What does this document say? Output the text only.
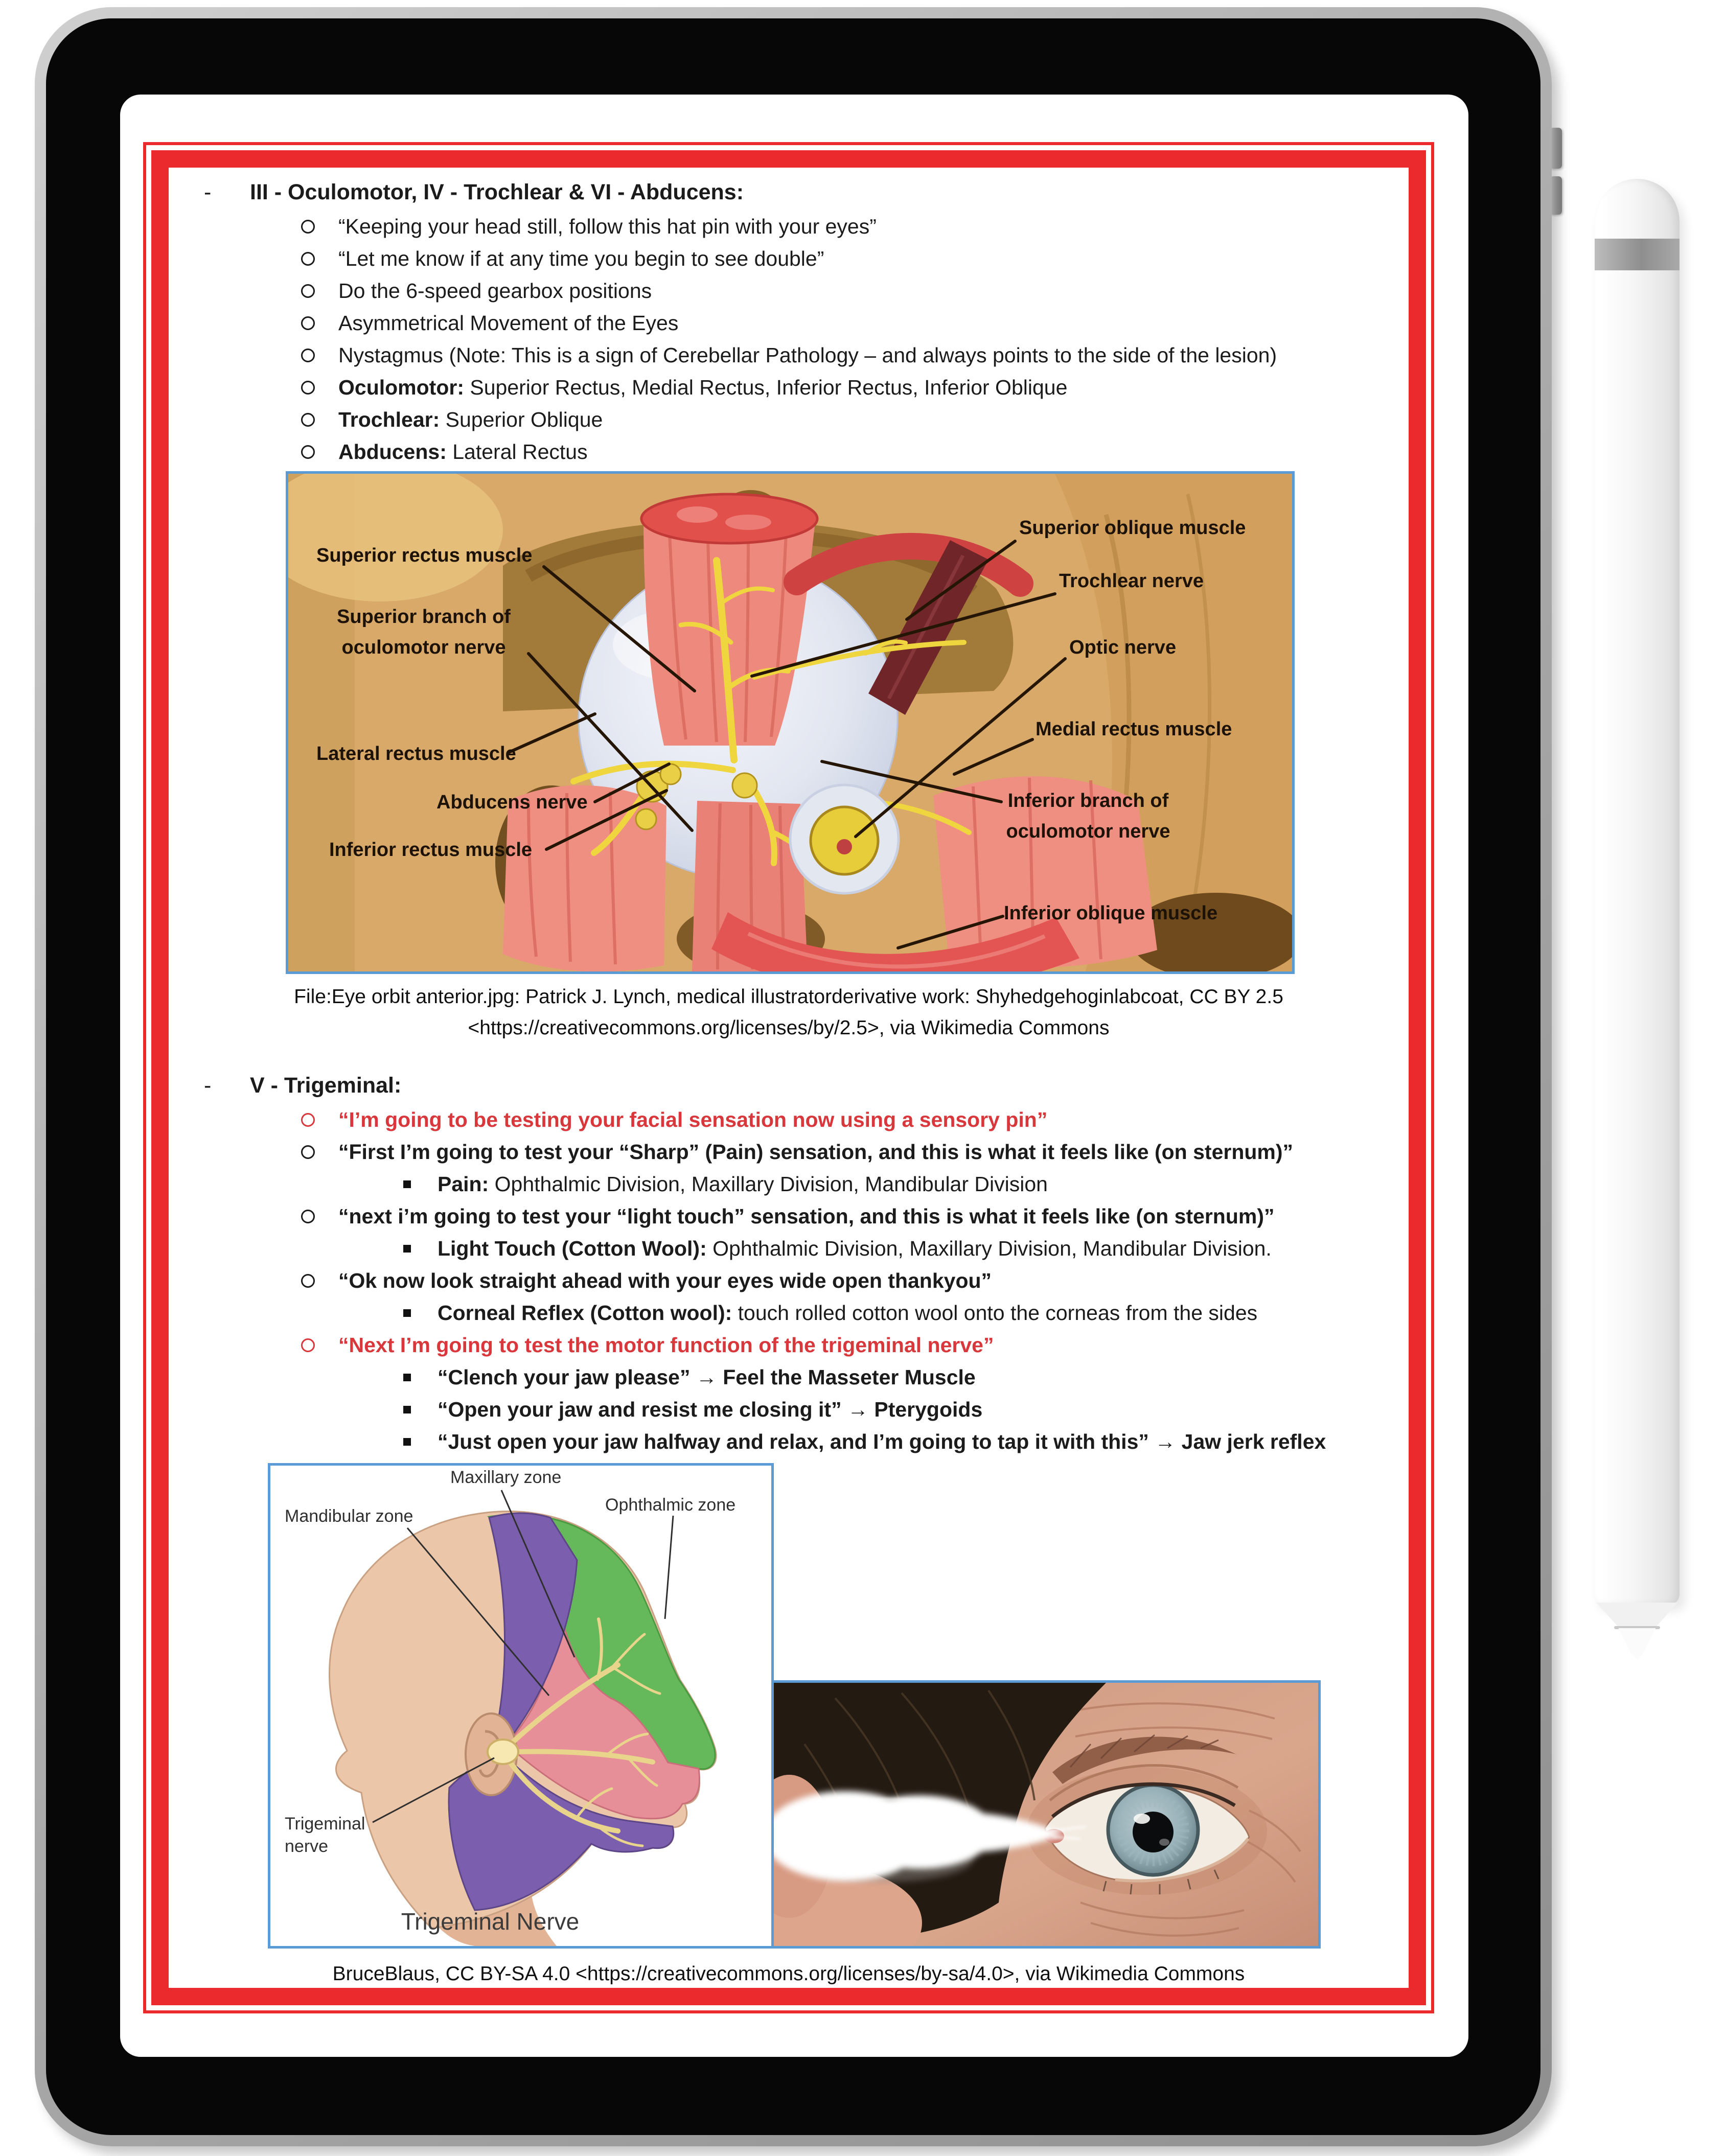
-	III - Oculomotor, IV - Trochlear & VI - Abducens:
“Keeping your head still, follow this hat pin with your eyes”
“Let me know if at any time you begin to see double”
Do the 6-speed gearbox positions
Asymmetrical Movement of the Eyes
Nystagmus (Note: This is a sign of Cerebellar Pathology – and always points to the side of the lesion)
Oculomotor: Superior Rectus, Medial Rectus, Inferior Rectus, Inferior Oblique
Trochlear: Superior Oblique
Abducens: Lateral Rectus
Superior rectus muscle
Superior branch of
oculomotor nerve
Lateral rectus muscle
Abducens nerve
Inferior rectus muscle
Superior oblique muscle
Trochlear nerve
Optic nerve
Medial rectus muscle
Inferior branch of
oculomotor nerve
Inferior oblique muscle
File:Eye orbit anterior.jpg: Patrick J. Lynch, medical illustratorderivative work: Shyhedgehoginlabcoat, CC BY 2.5
<https://creativecommons.org/licenses/by/2.5>, via Wikimedia Commons
-	V - Trigeminal:
“I’m going to be testing your facial sensation now using a sensory pin”
“First I’m going to test your “Sharp” (Pain) sensation, and this is what it feels like (on sternum)”
Pain: Ophthalmic Division, Maxillary Division, Mandibular Division
“next i’m going to test your “light touch” sensation, and this is what it feels like (on sternum)”
Light Touch (Cotton Wool): Ophthalmic Division, Maxillary Division, Mandibular Division.
“Ok now look straight ahead with your eyes wide open thankyou”
Corneal Reflex (Cotton wool): touch rolled cotton wool onto the corneas from the sides
“Next I’m going to test the motor function of the trigeminal nerve”
“Clench your jaw please” → Feel the Masseter Muscle
“Open your jaw and resist me closing it” → Pterygoids
“Just open your jaw halfway and relax, and I’m going to tap it with this” → Jaw jerk reflex
Mandibular zone
Maxillary zone
Ophthalmic zone
Trigeminal
nerve
Trigeminal Nerve
BruceBlaus, CC BY-SA 4.0 <https://creativecommons.org/licenses/by-sa/4.0>, via Wikimedia Commons
